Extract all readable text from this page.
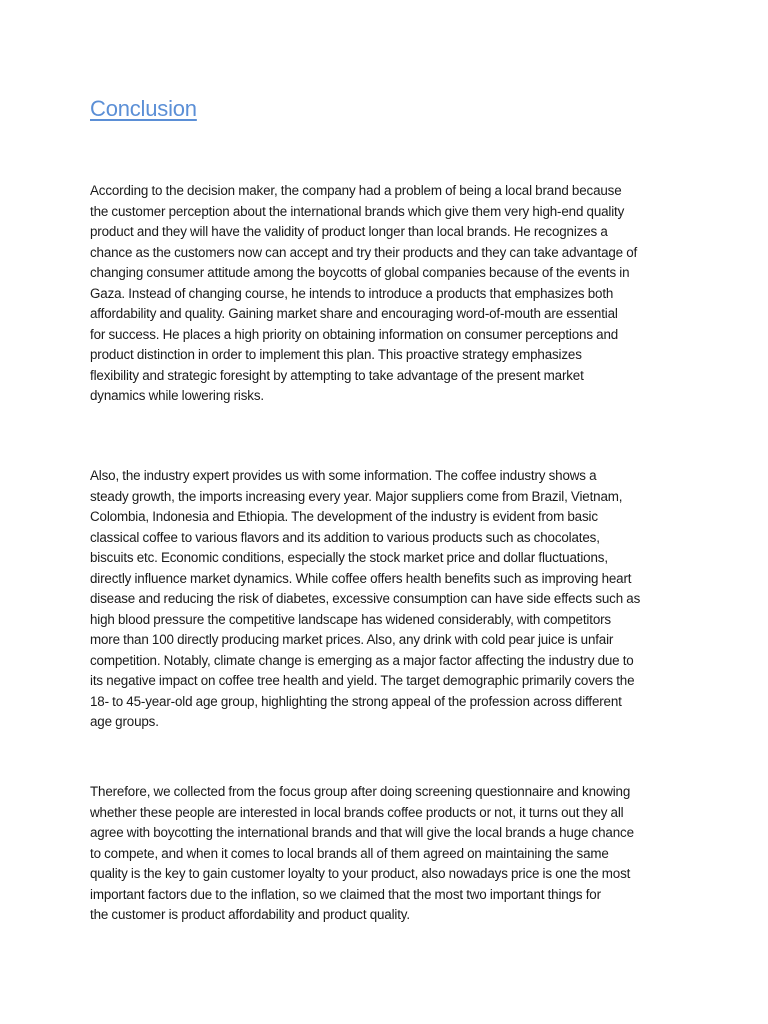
Conclusion

According to the decision maker, the company had a problem of being a local brand because
the customer perception about the international brands which give them very high-end quality
product and they will have the validity of product longer than local brands. He recognizes a
chance as the customers now can accept and try their products and they can take advantage of
changing consumer attitude among the boycotts of global companies because of the events in
Gaza. Instead of changing course, he intends to introduce a products that emphasizes both
affordability and quality. Gaining market share and encouraging word-of-mouth are essential
for success. He places a high priority on obtaining information on consumer perceptions and
product distinction in order to implement this plan. This proactive strategy emphasizes
flexibility and strategic foresight by attempting to take advantage of the present market
dynamics while lowering risks.

Also, the industry expert provides us with some information. The coffee industry shows a
steady growth, the imports increasing every year. Major suppliers come from Brazil, Vietnam,
Colombia, Indonesia and Ethiopia. The development of the industry is evident from basic
classical coffee to various flavors and its addition to various products such as chocolates,
biscuits etc. Economic conditions, especially the stock market price and dollar fluctuations,
directly influence market dynamics. While coffee offers health benefits such as improving heart
disease and reducing the risk of diabetes, excessive consumption can have side effects such as
high blood pressure the competitive landscape has widened considerably, with competitors
more than 100 directly producing market prices. Also, any drink with cold pear juice is unfair
competition. Notably, climate change is emerging as a major factor affecting the industry due to
its negative impact on coffee tree health and yield. The target demographic primarily covers the
18- to 45-year-old age group, highlighting the strong appeal of the profession across different
age groups.

Therefore, we collected from the focus group after doing screening questionnaire and knowing
whether these people are interested in local brands coffee products or not, it turns out they all
agree with boycotting the international brands and that will give the local brands a huge chance
to compete, and when it comes to local brands all of them agreed on maintaining the same
quality is the key to gain customer loyalty to your product, also nowadays price is one the most
important factors due to the inflation, so we claimed that the most two important things for
the customer is product affordability and product quality.
